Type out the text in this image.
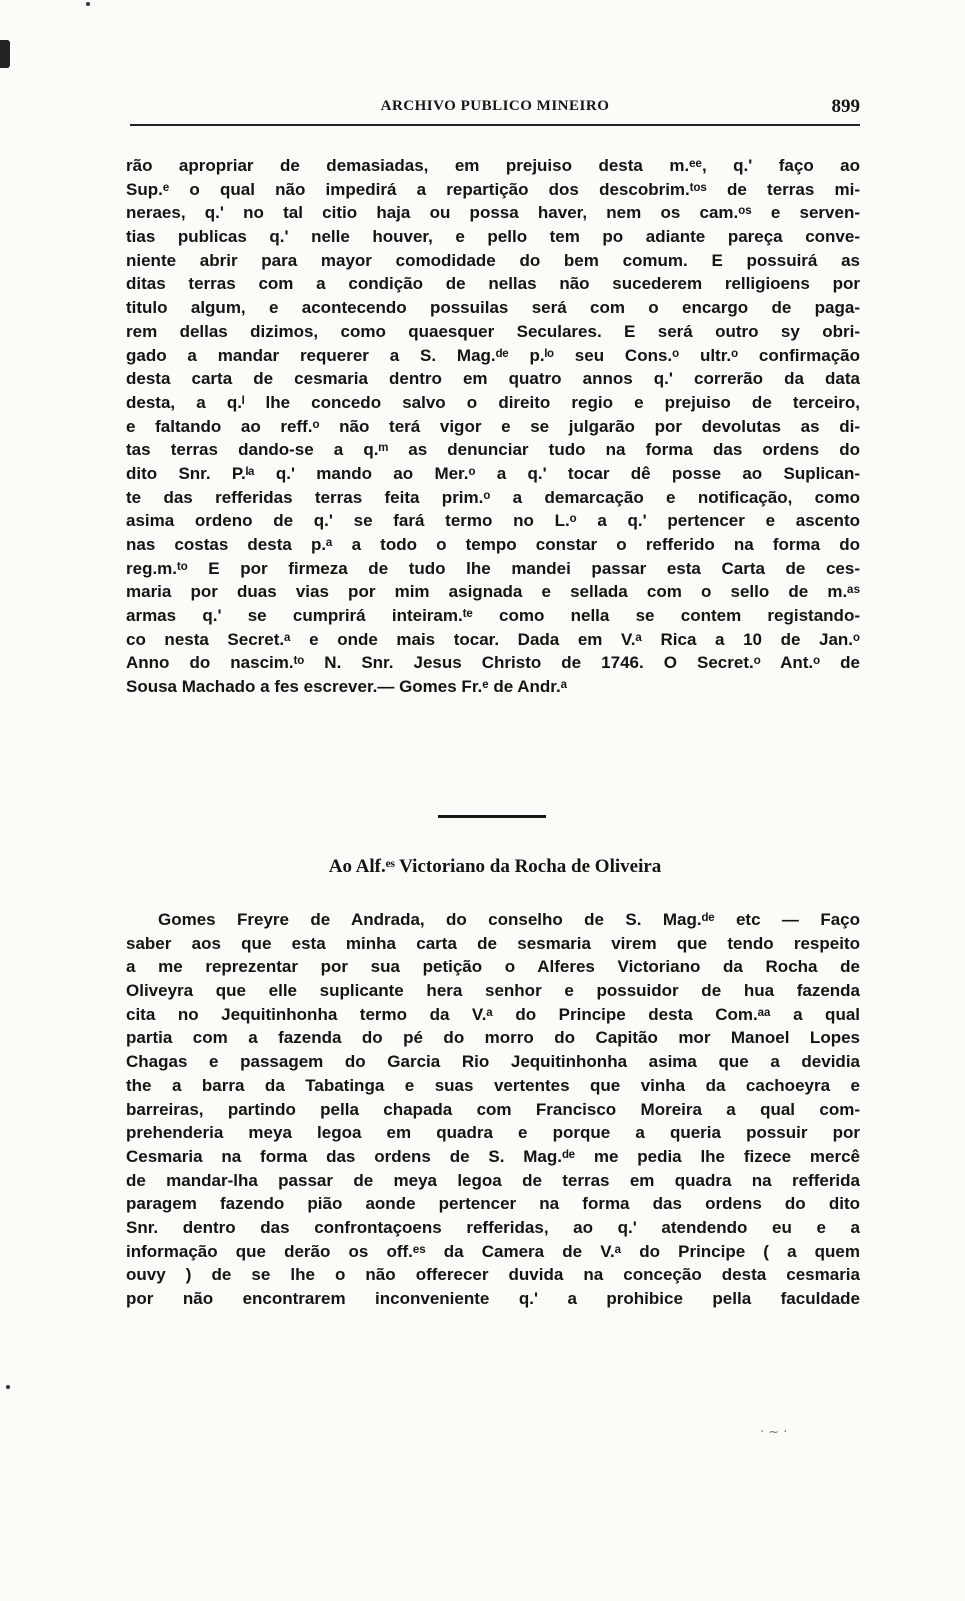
ARCHIVO PUBLICO MINEIRO	899
rão apropriar de demasiadas, em prejuiso desta m.ᵉᵉ, q.' faço ao
Sup.ᵉ o qual não impedirá a repartição dos descobrim.ᵗᵒˢ de terras mi-
neraes, q.' no tal citio haja ou possa haver, nem os cam.ᵒˢ e serven-
tias publicas q.' nelle houver, e pello tem po adiante pareça conve-
niente abrir para mayor comodidade do bem comum. E possuirá as
ditas terras com a condição de nellas não sucederem relligioens por
titulo algum, e acontecendo possuilas será com o encargo de paga-
rem dellas dizimos, como quaesquer Seculares. E será outro sy obri-
gado a mandar requerer a S. Mag.ᵈᵉ p.ˡᵒ seu Cons.ᵒ ultr.ᵒ confirmação
desta carta de cesmaria dentro em quatro annos q.' correrão da data
desta, a q.ˡ lhe concedo salvo o direito regio e prejuiso de terceiro,
e faltando ao reff.ᵒ não terá vigor e se julgarão por devolutas as di-
tas terras dando-se a q.ᵐ as denunciar tudo na forma das ordens do
dito Snr. P.ˡᵃ q.' mando ao Mer.ᵒ a q.' tocar dê posse ao Suplican-
te das refferidas terras feita prim.ᵒ a demarcação e notificação, como
asima ordeno de q.' se fará termo no L.ᵒ a q.' pertencer e ascento
nas costas desta p.ᵃ a todo o tempo constar o refferido na forma do
reg.m.ᵗᵒ E por firmeza de tudo lhe mandei passar esta Carta de ces-
maria por duas vias por mim asignada e sellada com o sello de m.ᵃˢ
armas q.' se cumprirá inteiram.ᵗᵉ como nella se contem registando-
co nesta Secret.ᵃ e onde mais tocar. Dada em V.ᵃ Rica a 10 de Jan.ᵒ
Anno do nascim.ᵗᵒ N. Snr. Jesus Christo de 1746. O Secret.ᵒ Ant.ᵒ de
Sousa Machado a fes escrever.— Gomes Fr.ᵉ de Andr.ᵃ
Ao Alf.ᵉˢ Victoriano da Rocha de Oliveira
Gomes Freyre de Andrada, do conselho de S. Mag.ᵈᵉ etc — Faço
saber aos que esta minha carta de sesmaria virem que tendo respeito
a me reprezentar por sua petição o Alferes Victoriano da Rocha de
Oliveyra que elle suplicante hera senhor e possuidor de hua fazenda
cita no Jequitinhonha termo da V.ᵃ do Principe desta Com.ᵃᵃ a qual
partia com a fazenda do pé do morro do Capitão mor Manoel Lopes
Chagas e passagem do Garcia Rio Jequitinhonha asima que a devidia
the a barra da Tabatinga e suas vertentes que vinha da cachoeyra e
barreiras, partindo pella chapada com Francisco Moreira a qual com-
prehenderia meya legoa em quadra e porque a queria possuir por
Cesmaria na forma das ordens de S. Mag.ᵈᵉ me pedia lhe fizece mercê
de mandar-lha passar de meya legoa de terras em quadra na refferida
paragem fazendo pião aonde pertencer na forma das ordens do dito
Snr. dentro das confrontaçoens refferidas, ao q.' atendendo eu e a
informação que derão os off.ᵉˢ da Camera de V.ᵃ do Principe ( a quem
ouvy ) de se lhe o não offerecer duvida na conceção desta cesmaria
por não encontrarem inconveniente q.' a prohibice pella faculdade
· ~ ·
